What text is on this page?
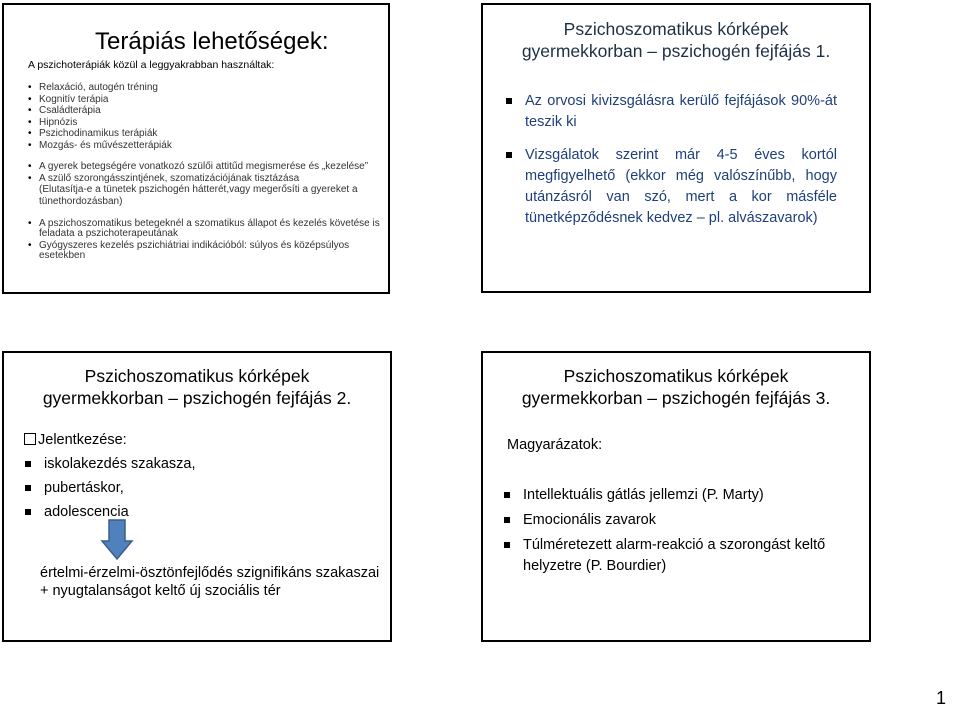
Terápiás lehetőségek:
A pszichoterápiák közül a leggyakrabban használtak:
• Relaxáció, autogén tréning
• Kognitív terápia
• Családterápia
• Hipnózis
• Pszichodinamikus terápiák
• Mozgás- és művészetterápiák
• A gyerek betegségére vonatkozó szülői attitűd megismerése és „kezelése”
• A szülő szorongásszintjének, szomatizációjának tisztázása
(Elutasítja-e a tünetek pszichogén hátterét,vagy megerősíti a gyereket a tünethordozásban)
• A pszichoszomatikus betegeknél a szomatikus állapot és kezelés követése is feladata a pszichoterapeutának
• Gyógyszeres kezelés pszichiátriai indikációból: súlyos és középsúlyos esetekben
Pszichoszomatikus kórképek
gyermekkorban – pszichogén fejfájás 1.
Az orvosi kivizsgálásra kerülő fejfájások 90%-át teszik ki
Vizsgálatok szerint már 4-5 éves kortól megfigyelhető (ekkor még valószínűbb, hogy utánzásról van szó, mert a kor másféle tünetképződésnek kedvez – pl. alvászavarok)
Pszichoszomatikus kórképek
gyermekkorban – pszichogén fejfájás 2.
Jelentkezése:
iskolakezdés szakasza,
pubertáskor,
adolescencia
értelmi-érzelmi-ösztönfejlődés szignifikáns szakaszai
+ nyugtalanságot keltő új szociális tér
Pszichoszomatikus kórképek
gyermekkorban – pszichogén fejfájás 3.
Magyarázatok:
Intellektuális gátlás jellemzi (P. Marty)
Emocionális zavarok
Túlméretezett alarm-reakció a szorongást keltő helyzetre (P. Bourdier)
1
